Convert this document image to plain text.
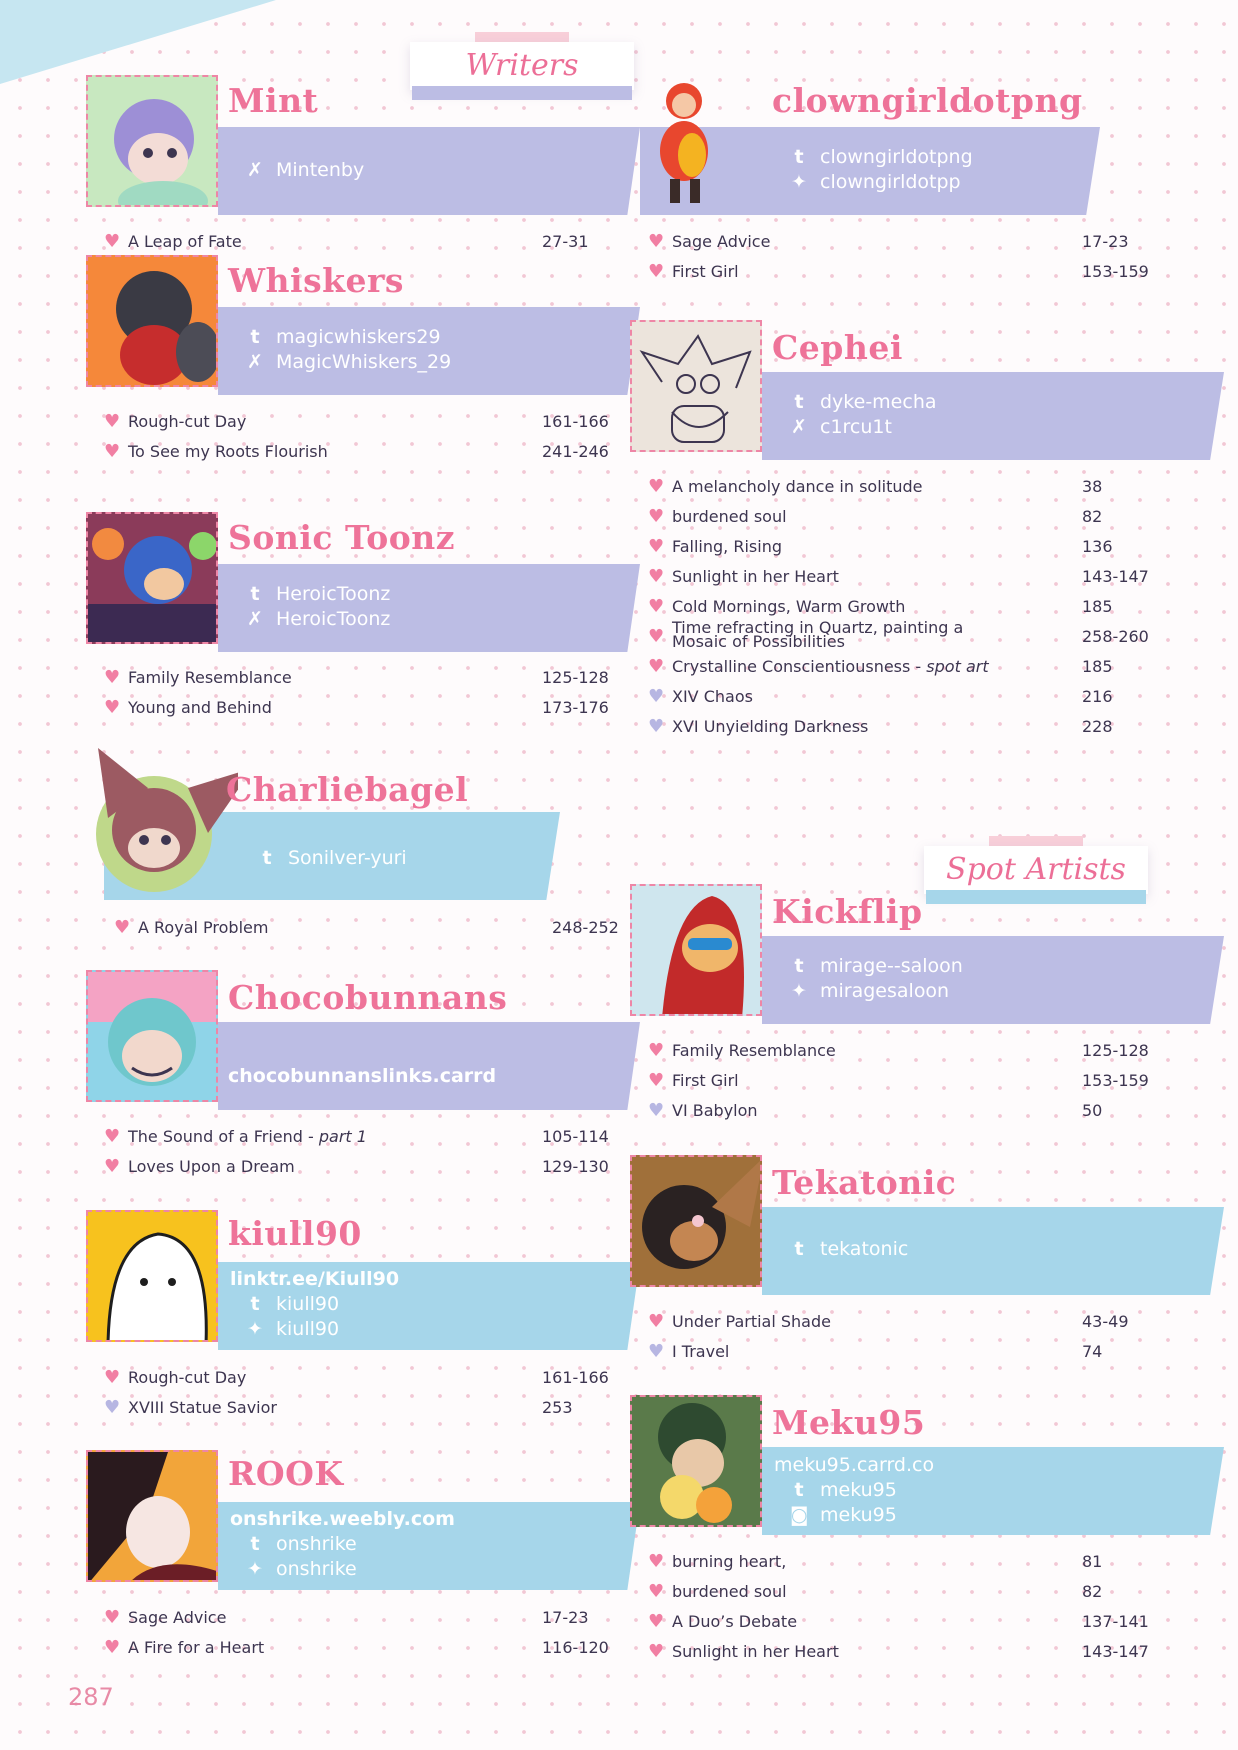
Writers
Spot Artists
Mint
✗ Mintenby
♥ A Leap of Fate	27-31
Whiskers
t magicwhiskers29
✗ MagicWhiskers_29
♥ Rough-cut Day	161-166
♥ To See my Roots Flourish	241-246
Sonic Toonz
t HeroicToonz
✗ HeroicToonz
♥ Family Resemblance	125-128
♥ Young and Behind	173-176
Charliebagel
t Sonilver-yuri
♥ A Royal Problem	248-252
Chocobunnans
chocobunnanslinks.carrd
♥ The Sound of a Friend - part 1	105-114
♥ Loves Upon a Dream	129-130
kiull90
linktr.ee/Kiull90
t kiull90
✦ kiull90
♥ Rough-cut Day	161-166
♥ XVIII Statue Savior	253
ROOK
onshrike.weebly.com
t onshrike
✦ onshrike
♥ Sage Advice	17-23
♥ A Fire for a Heart	116-120
clowngirldotpng
t clowngirldotpng
✦ clowngirldotpp
♥ Sage Advice	17-23
♥ First Girl	153-159
Cephei
t dyke-mecha
✗ c1rcu1t
♥ A melancholy dance in solitude	38
♥ burdened soul	82
♥ Falling, Rising	136
♥ Sunlight in her Heart	143-147
♥ Cold Mornings, Warm Growth	185
♥ Time refracting in Quartz, painting a Mosaic of Possibilities	258-260
♥ Crystalline Conscientiousness - spot art	185
♥ XIV Chaos	216
♥ XVI Unyielding Darkness	228
Kickflip
t mirage--saloon
✦ miragesaloon
♥ Family Resemblance	125-128
♥ First Girl	153-159
♥ VI Babylon	50
Tekatonic
t tekatonic
♥ Under Partial Shade	43-49
♥ I Travel	74
Meku95
meku95.carrd.co
t meku95
◙ meku95
♥ burning heart,	81
♥ burdened soul	82
♥ A Duo’s Debate	137-141
♥ Sunlight in her Heart	143-147
287
